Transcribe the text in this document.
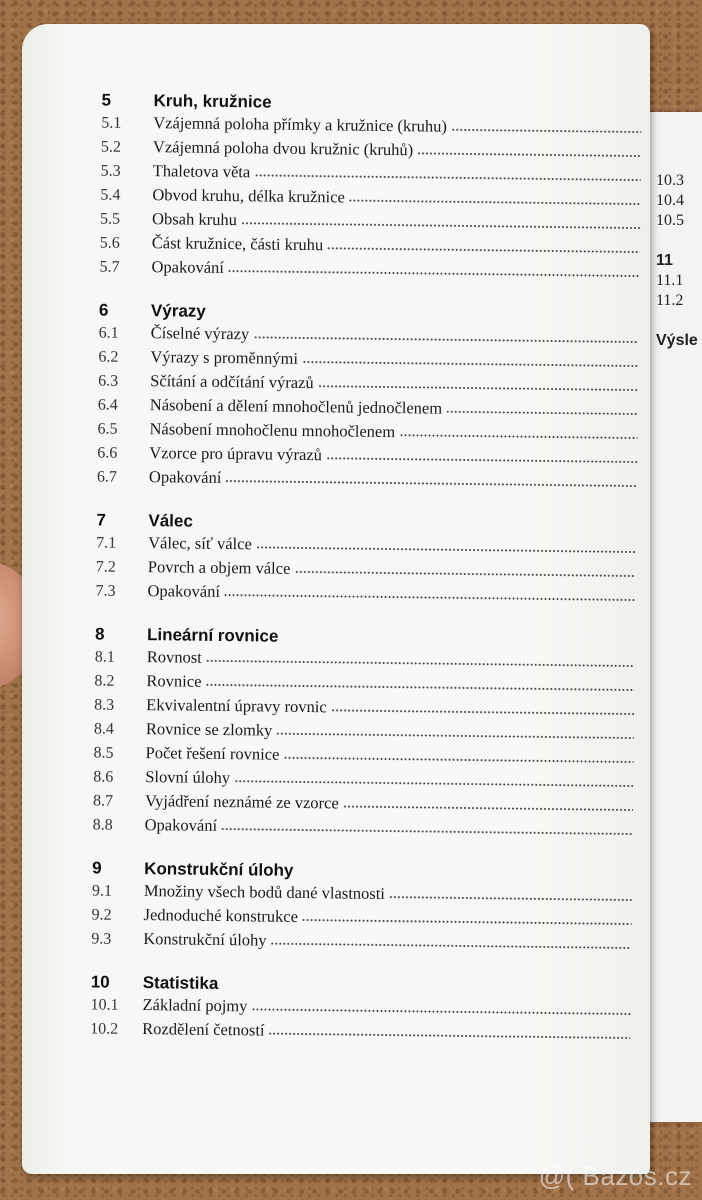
10.3
10.4
10.5
11
11.1
11.2
Výsle
5	Kruh, kružnice
5.1	Vzájemná poloha přímky a kružnice (kruhu)
5.2	Vzájemná poloha dvou kružnic (kruhů)
5.3	Thaletova věta
5.4	Obvod kruhu, délka kružnice
5.5	Obsah kruhu
5.6	Část kružnice, části kruhu
5.7	Opakování
6	Výrazy
6.1	Číselné výrazy
6.2	Výrazy s proměnnými
6.3	Sčítání a odčítání výrazů
6.4	Násobení a dělení mnohočlenů jednočlenem
6.5	Násobení mnohočlenu mnohočlenem
6.6	Vzorce pro úpravu výrazů
6.7	Opakování
7	Válec
7.1	Válec, síť válce
7.2	Povrch a objem válce
7.3	Opakování
8	Lineární rovnice
8.1	Rovnost
8.2	Rovnice
8.3	Ekvivalentní úpravy rovnic
8.4	Rovnice se zlomky
8.5	Počet řešení rovnice
8.6	Slovní úlohy
8.7	Vyjádření neznámé ze vzorce
8.8	Opakování
9	Konstrukční úlohy
9.1	Množiny všech bodů dané vlastnosti
9.2	Jednoduché konstrukce
9.3	Konstrukční úlohy
10	Statistika
10.1	Základní pojmy
10.2	Rozdělení četností
@( Bazos.cz
